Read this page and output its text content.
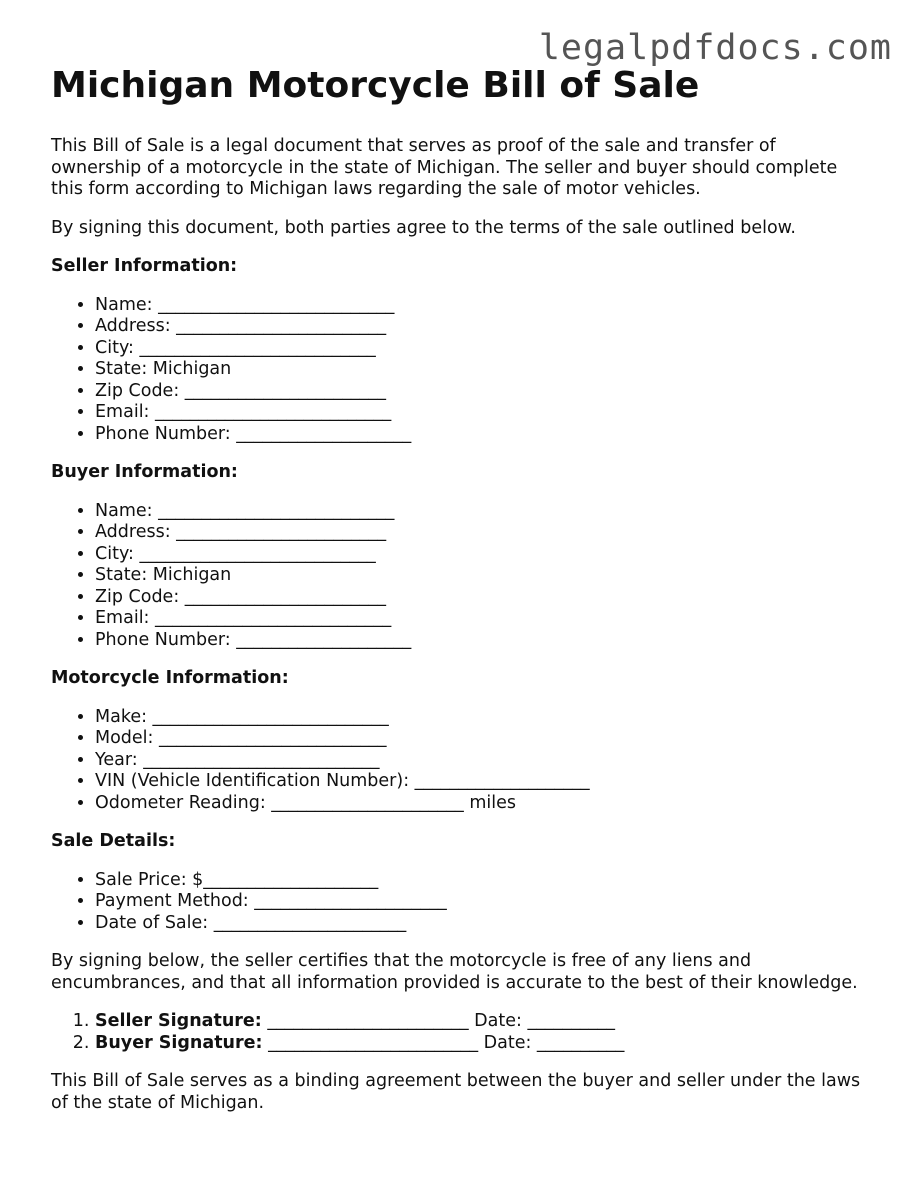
legalpdfdocs.com
Michigan Motorcycle Bill of Sale

This Bill of Sale is a legal document that serves as proof of the sale and transfer of ownership of a motorcycle in the state of Michigan. The seller and buyer should complete this form according to Michigan laws regarding the sale of motor vehicles.

By signing this document, both parties agree to the terms of the sale outlined below.

Seller Information:
• Name: ___________________________
• Address: ________________________
• City: ___________________________
• State: Michigan
• Zip Code: _______________________
• Email: ___________________________
• Phone Number: ____________________
Buyer Information:
• Name: ___________________________
• Address: ________________________
• City: ___________________________
• State: Michigan
• Zip Code: _______________________
• Email: ___________________________
• Phone Number: ____________________
Motorcycle Information:
• Make: ___________________________
• Model: __________________________
• Year: ___________________________
• VIN (Vehicle Identification Number): ____________________
• Odometer Reading: ______________________ miles
Sale Details:
• Sale Price: $____________________
• Payment Method: ______________________
• Date of Sale: ______________________

By signing below, the seller certifies that the motorcycle is free of any liens and encumbrances, and that all information provided is accurate to the best of their knowledge.

1. Seller Signature: _______________________ Date: __________
2. Buyer Signature: ________________________ Date: __________

This Bill of Sale serves as a binding agreement between the buyer and seller under the laws of the state of Michigan.
